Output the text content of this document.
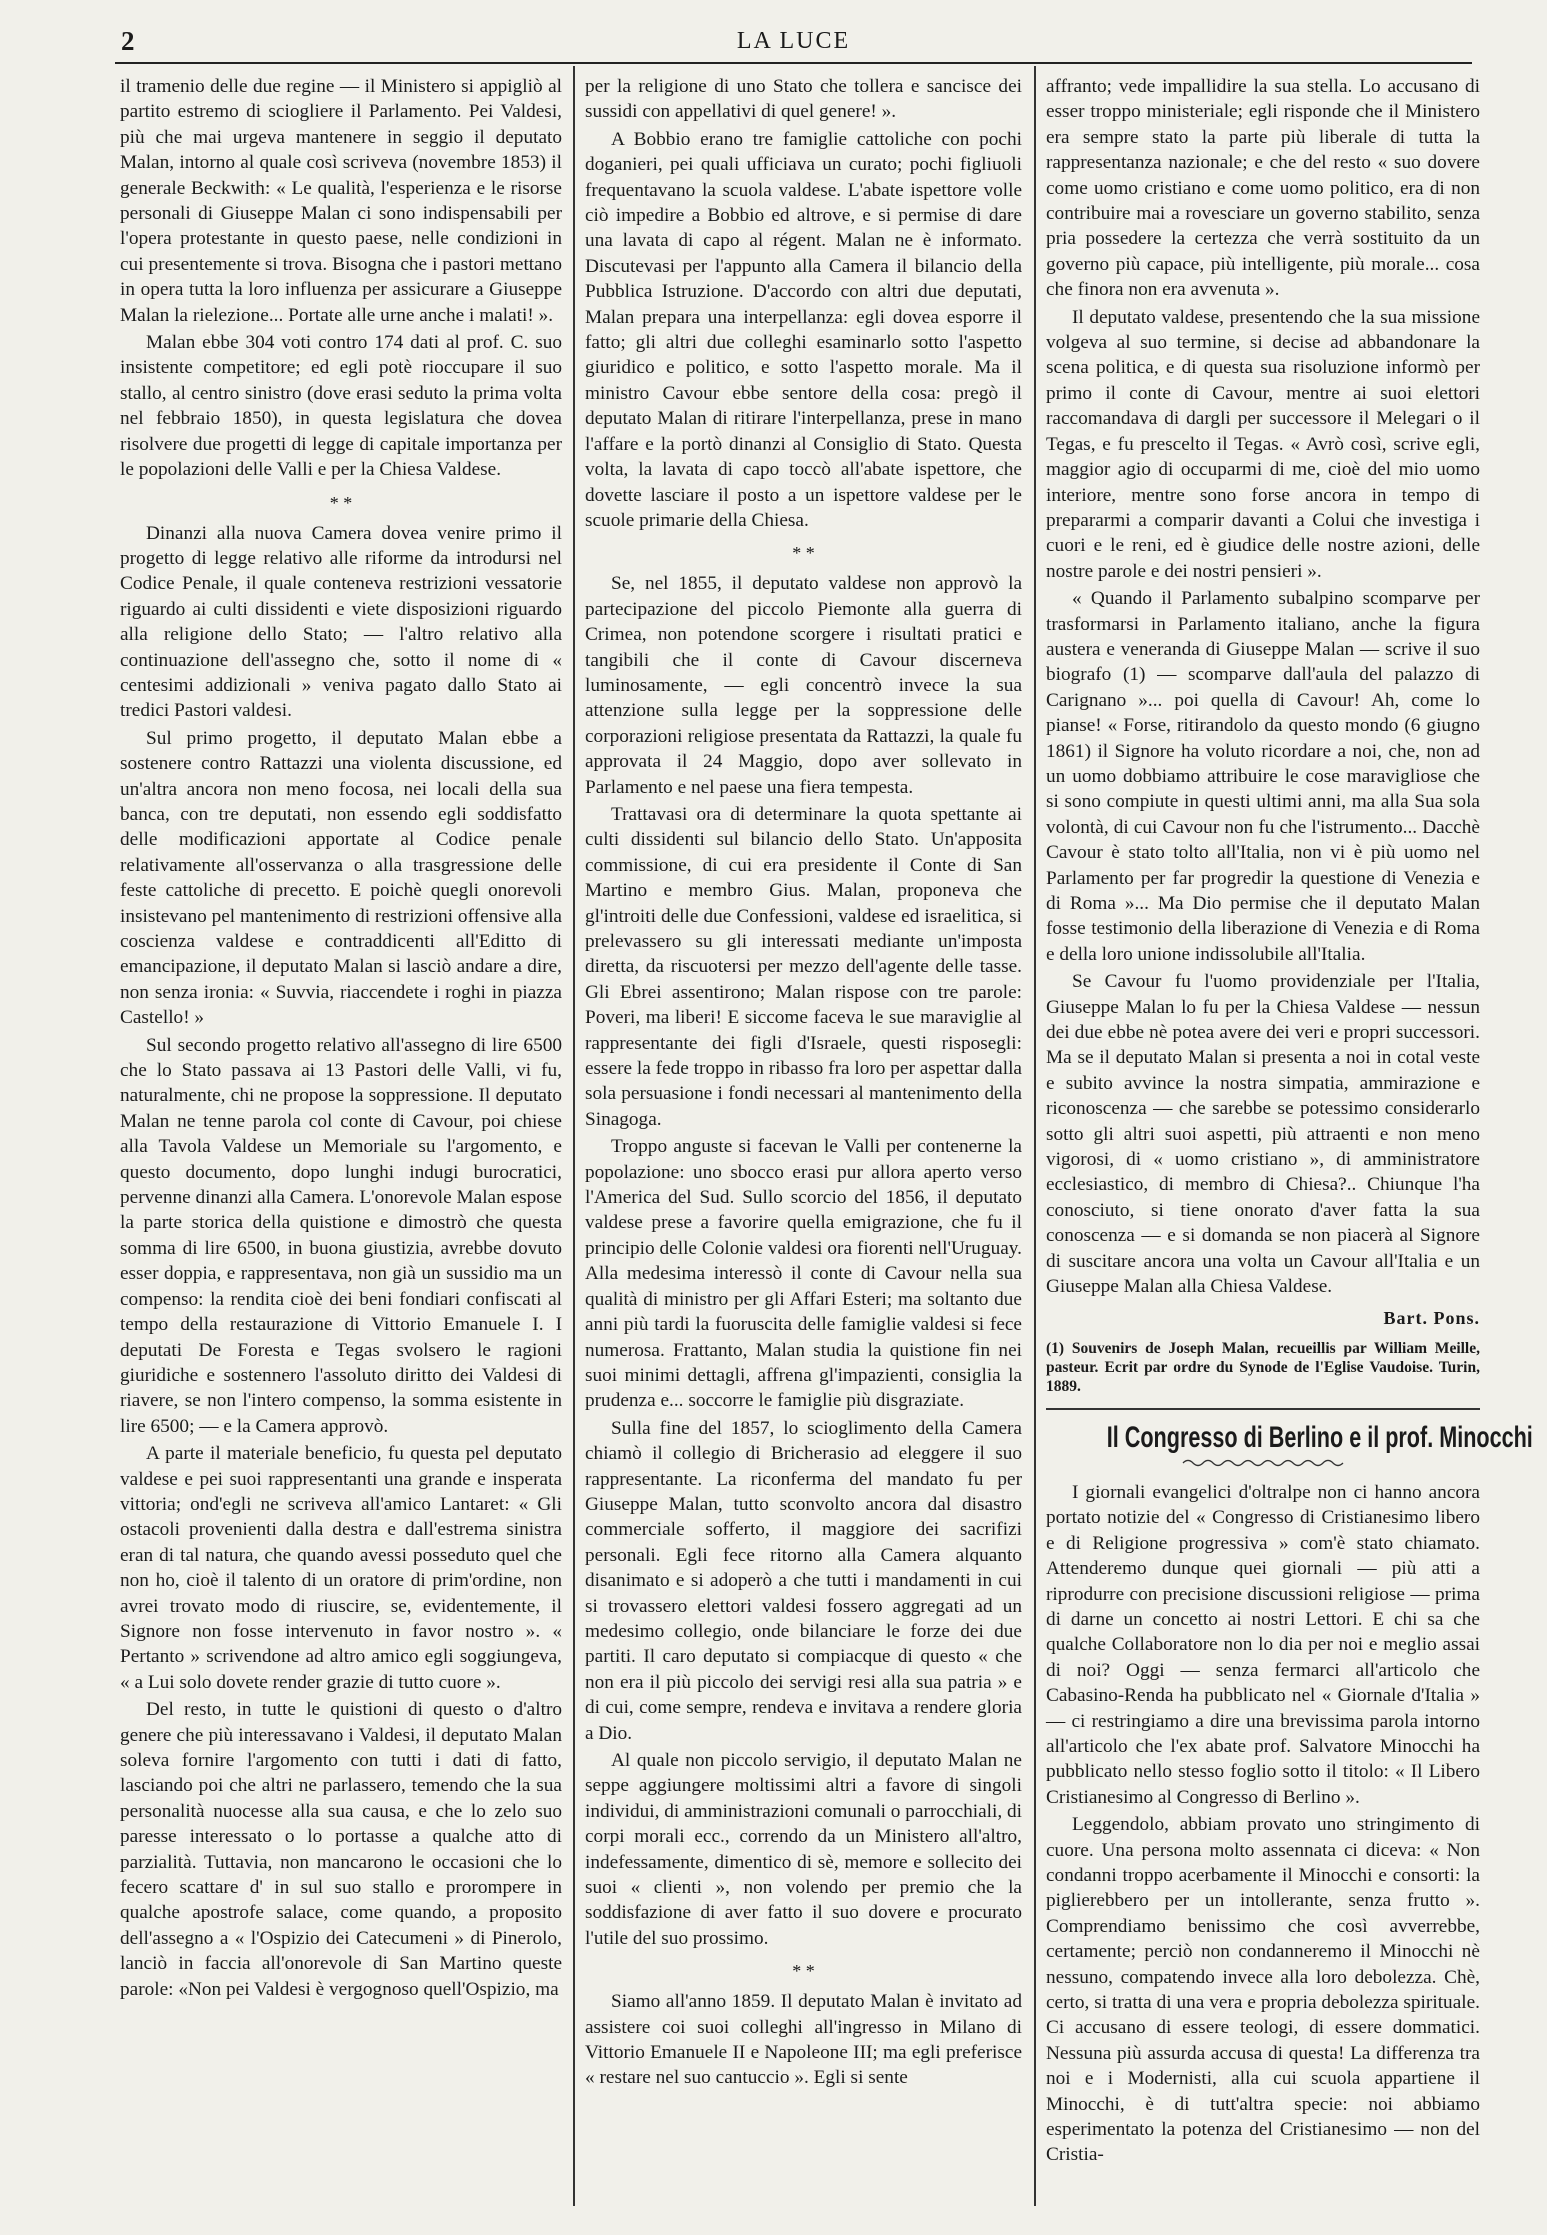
2	LA LUCE

il tramenio delle due regine — il Ministero si appigliò al partito estremo di sciogliere il Parlamento. Pei Valdesi, più che mai urgeva mantenere in seggio il deputato Malan, intorno al quale così scriveva (novembre 1853) il generale Beckwith: « Le qualità, l'esperienza e le risorse personali di Giuseppe Malan ci sono indispensabili per l'opera protestante in questo paese, nelle condizioni in cui presentemente si trova. Bisogna che i pastori mettano in opera tutta la loro influenza per assicurare a Giuseppe Malan la rielezione... Portate alle urne anche i malati! ».

Malan ebbe 304 voti contro 174 dati al prof. C. suo insistente competitore; ed egli potè rioccupare il suo stallo, al centro sinistro (dove erasi seduto la prima volta nel febbraio 1850), in questa legislatura che dovea risolvere due progetti di legge di capitale importanza per le popolazioni delle Valli e per la Chiesa Valdese.

* *

Dinanzi alla nuova Camera dovea venire primo il progetto di legge relativo alle riforme da introdursi nel Codice Penale, il quale conteneva restrizioni vessatorie riguardo ai culti dissidenti e viete disposizioni riguardo alla religione dello Stato; — l'altro relativo alla continuazione dell'assegno che, sotto il nome di « centesimi addizionali » veniva pagato dallo Stato ai tredici Pastori valdesi.

Sul primo progetto, il deputato Malan ebbe a sostenere contro Rattazzi una violenta discussione, ed un'altra ancora non meno focosa, nei locali della sua banca, con tre deputati, non essendo egli soddisfatto delle modificazioni apportate al Codice penale relativamente all'osservanza o alla trasgressione delle feste cattoliche di precetto. E poichè quegli onorevoli insistevano pel mantenimento di restrizioni offensive alla coscienza valdese e contraddicenti all'Editto di emancipazione, il deputato Malan si lasciò andare a dire, non senza ironia: « Suvvia, riaccendete i roghi in piazza Castello! »

Sul secondo progetto relativo all'assegno di lire 6500 che lo Stato passava ai 13 Pastori delle Valli, vi fu, naturalmente, chi ne propose la soppressione. Il deputato Malan ne tenne parola col conte di Cavour, poi chiese alla Tavola Valdese un Memoriale su l'argomento, e questo documento, dopo lunghi indugi burocratici, pervenne dinanzi alla Camera. L'onorevole Malan espose la parte storica della quistione e dimostrò che questa somma di lire 6500, in buona giustizia, avrebbe dovuto esser doppia, e rappresentava, non già un sussidio ma un compenso: la rendita cioè dei beni fondiari confiscati al tempo della restaurazione di Vittorio Emanuele I. I deputati De Foresta e Tegas svolsero le ragioni giuridiche e sostennero l'assoluto diritto dei Valdesi di riavere, se non l'intero compenso, la somma esistente in lire 6500; — e la Camera approvò.

A parte il materiale beneficio, fu questa pel deputato valdese e pei suoi rappresentanti una grande e insperata vittoria; ond'egli ne scriveva all'amico Lantaret: « Gli ostacoli provenienti dalla destra e dall'estrema sinistra eran di tal natura, che quando avessi posseduto quel che non ho, cioè il talento di un oratore di prim'ordine, non avrei trovato modo di riuscire, se, evidentemente, il Signore non fosse intervenuto in favor nostro ». « Pertanto » scrivendone ad altro amico egli soggiungeva, « a Lui solo dovete render grazie di tutto cuore ».

Del resto, in tutte le quistioni di questo o d'altro genere che più interessavano i Valdesi, il deputato Malan soleva fornire l'argomento con tutti i dati di fatto, lasciando poi che altri ne parlassero, temendo che la sua personalità nuocesse alla sua causa, e che lo zelo suo paresse interessato o lo portasse a qualche atto di parzialità. Tuttavia, non mancarono le occasioni che lo fecero scattare d' in sul suo stallo e prorompere in qualche apostrofe salace, come quando, a proposito dell'assegno a « l'Ospizio dei Catecumeni » di Pinerolo, lanciò in faccia all'onorevole di San Martino queste parole: «Non pei Valdesi è vergognoso quell'Ospizio, ma

per la religione di uno Stato che tollera e sancisce dei sussidi con appellativi di quel genere! ».

A Bobbio erano tre famiglie cattoliche con pochi doganieri, pei quali ufficiava un curato; pochi figliuoli frequentavano la scuola valdese. L'abate ispettore volle ciò impedire a Bobbio ed altrove, e si permise di dare una lavata di capo al régent. Malan ne è informato. Discutevasi per l'appunto alla Camera il bilancio della Pubblica Istruzione. D'accordo con altri due deputati, Malan prepara una interpellanza: egli dovea esporre il fatto; gli altri due colleghi esaminarlo sotto l'aspetto giuridico e politico, e sotto l'aspetto morale. Ma il ministro Cavour ebbe sentore della cosa: pregò il deputato Malan di ritirare l'interpellanza, prese in mano l'affare e la portò dinanzi al Consiglio di Stato. Questa volta, la lavata di capo toccò all'abate ispettore, che dovette lasciare il posto a un ispettore valdese per le scuole primarie della Chiesa.

* *

Se, nel 1855, il deputato valdese non approvò la partecipazione del piccolo Piemonte alla guerra di Crimea, non potendone scorgere i risultati pratici e tangibili che il conte di Cavour discerneva luminosamente, — egli concentrò invece la sua attenzione sulla legge per la soppressione delle corporazioni religiose presentata da Rattazzi, la quale fu approvata il 24 Maggio, dopo aver sollevato in Parlamento e nel paese una fiera tempesta.

Trattavasi ora di determinare la quota spettante ai culti dissidenti sul bilancio dello Stato. Un'apposita commissione, di cui era presidente il Conte di San Martino e membro Gius. Malan, proponeva che gl'introiti delle due Confessioni, valdese ed israelitica, si prelevassero su gli interessati mediante un'imposta diretta, da riscuotersi per mezzo dell'agente delle tasse. Gli Ebrei assentirono; Malan rispose con tre parole: Poveri, ma liberi! E siccome faceva le sue maraviglie al rappresentante dei figli d'Israele, questi risposegli: essere la fede troppo in ribasso fra loro per aspettar dalla sola persuasione i fondi necessari al mantenimento della Sinagoga.

Troppo anguste si facevan le Valli per contenerne la popolazione: uno sbocco erasi pur allora aperto verso l'America del Sud. Sullo scorcio del 1856, il deputato valdese prese a favorire quella emigrazione, che fu il principio delle Colonie valdesi ora fiorenti nell'Uruguay. Alla medesima interessò il conte di Cavour nella sua qualità di ministro per gli Affari Esteri; ma soltanto due anni più tardi la fuoruscita delle famiglie valdesi si fece numerosa. Frattanto, Malan studia la quistione fin nei suoi minimi dettagli, affrena gl'impazienti, consiglia la prudenza e... soccorre le famiglie più disgraziate.

Sulla fine del 1857, lo scioglimento della Camera chiamò il collegio di Bricherasio ad eleggere il suo rappresentante. La riconferma del mandato fu per Giuseppe Malan, tutto sconvolto ancora dal disastro commerciale sofferto, il maggiore dei sacrifizi personali. Egli fece ritorno alla Camera alquanto disanimato e si adoperò a che tutti i mandamenti in cui si trovassero elettori valdesi fossero aggregati ad un medesimo collegio, onde bilanciare le forze dei due partiti. Il caro deputato si compiacque di questo « che non era il più piccolo dei servigi resi alla sua patria » e di cui, come sempre, rendeva e invitava a rendere gloria a Dio.

Al quale non piccolo servigio, il deputato Malan ne seppe aggiungere moltissimi altri a favore di singoli individui, di amministrazioni comunali o parrocchiali, di corpi morali ecc., correndo da un Ministero all'altro, indefessamente, dimentico di sè, memore e sollecito dei suoi « clienti », non volendo per premio che la soddisfazione di aver fatto il suo dovere e procurato l'utile del suo prossimo.

* *

Siamo all'anno 1859. Il deputato Malan è invitato ad assistere coi suoi colleghi all'ingresso in Milano di Vittorio Emanuele II e Napoleone III; ma egli preferisce « restare nel suo cantuccio ». Egli si sente

affranto; vede impallidire la sua stella. Lo accusano di esser troppo ministeriale; egli risponde che il Ministero era sempre stato la parte più liberale di tutta la rappresentanza nazionale; e che del resto « suo dovere come uomo cristiano e come uomo politico, era di non contribuire mai a rovesciare un governo stabilito, senza pria possedere la certezza che verrà sostituito da un governo più capace, più intelligente, più morale... cosa che finora non era avvenuta ».

Il deputato valdese, presentendo che la sua missione volgeva al suo termine, si decise ad abbandonare la scena politica, e di questa sua risoluzione informò per primo il conte di Cavour, mentre ai suoi elettori raccomandava di dargli per successore il Melegari o il Tegas, e fu prescelto il Tegas. « Avrò così, scrive egli, maggior agio di occuparmi di me, cioè del mio uomo interiore, mentre sono forse ancora in tempo di prepararmi a comparir davanti a Colui che investiga i cuori e le reni, ed è giudice delle nostre azioni, delle nostre parole e dei nostri pensieri ».

« Quando il Parlamento subalpino scomparve per trasformarsi in Parlamento italiano, anche la figura austera e veneranda di Giuseppe Malan — scrive il suo biografo (1) — scomparve dall'aula del palazzo di Carignano »... poi quella di Cavour! Ah, come lo pianse! « Forse, ritirandolo da questo mondo (6 giugno 1861) il Signore ha voluto ricordare a noi, che, non ad un uomo dobbiamo attribuire le cose maravigliose che si sono compiute in questi ultimi anni, ma alla Sua sola volontà, di cui Cavour non fu che l'istrumento... Dacchè Cavour è stato tolto all'Italia, non vi è più uomo nel Parlamento per far progredir la questione di Venezia e di Roma »... Ma Dio permise che il deputato Malan fosse testimonio della liberazione di Venezia e di Roma e della loro unione indissolubile all'Italia.

Se Cavour fu l'uomo providenziale per l'Italia, Giuseppe Malan lo fu per la Chiesa Valdese — nessun dei due ebbe nè potea avere dei veri e propri successori. Ma se il deputato Malan si presenta a noi in cotal veste e subito avvince la nostra simpatia, ammirazione e riconoscenza — che sarebbe se potessimo considerarlo sotto gli altri suoi aspetti, più attraenti e non meno vigorosi, di « uomo cristiano », di amministratore ecclesiastico, di membro di Chiesa?.. Chiunque l'ha conosciuto, si tiene onorato d'aver fatta la sua conoscenza — e si domanda se non piacerà al Signore di suscitare ancora una volta un Cavour all'Italia e un Giuseppe Malan alla Chiesa Valdese.

Bart. Pons.
(1) Souvenirs de Joseph Malan, recueillis par William Meille, pasteur. Ecrit par ordre du Synode de l'Eglise Vaudoise. Turin, 1889.
Il Congresso di Berlino e il prof. Minocchi

I giornali evangelici d'oltralpe non ci hanno ancora portato notizie del « Congresso di Cristianesimo libero e di Religione progressiva » com'è stato chiamato. Attenderemo dunque quei giornali — più atti a riprodurre con precisione discussioni religiose — prima di darne un concetto ai nostri Lettori. E chi sa che qualche Collaboratore non lo dia per noi e meglio assai di noi? Oggi — senza fermarci all'articolo che Cabasino-Renda ha pubblicato nel « Giornale d'Italia » — ci restringiamo a dire una brevissima parola intorno all'articolo che l'ex abate prof. Salvatore Minocchi ha pubblicato nello stesso foglio sotto il titolo: « Il Libero Cristianesimo al Congresso di Berlino ».

Leggendolo, abbiam provato uno stringimento di cuore. Una persona molto assennata ci diceva: « Non condanni troppo acerbamente il Minocchi e consorti: la piglierebbero per un intollerante, senza frutto ». Comprendiamo benissimo che così avverrebbe, certamente; perciò non condanneremo il Minocchi nè nessuno, compatendo invece alla loro debolezza. Chè, certo, si tratta di una vera e propria debolezza spirituale. Ci accusano di essere teologi, di essere dommatici. Nessuna più assurda accusa di questa! La differenza tra noi e i Modernisti, alla cui scuola appartiene il Minocchi, è di tutt'altra specie: noi abbiamo esperimentato la potenza del Cristianesimo — non del Cristia-
